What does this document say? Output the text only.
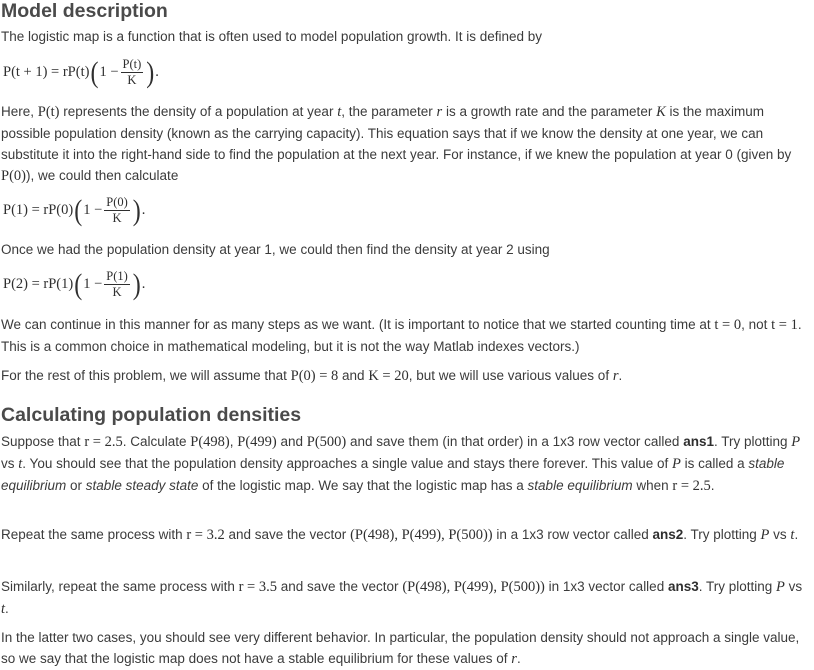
Model description

The logistic map is a function that is often used to model population growth. It is defined by

P(t + 1) = rP(t) ( $1 - \frac{P(t)}{K}$ ) .

Here, P(t) represents the density of a population at year t, the parameter r is a growth rate and the parameter K is the maximum possible population density (known as the carrying capacity). This equation says that if we know the density at one year, we can substitute it into the right-hand side to find the population at the next year. For instance, if we knew the population at year 0 (given by P(0)), we could then calculate

P(1) = rP(0) ( $1 - \frac{P(0)}{K}$ ) .

Once we had the population density at year 1, we could then find the density at year 2 using

P(2) = rP(1) ( $1 - \frac{P(1)}{K}$ ) .

We can continue in this manner for as many steps as we want. (It is important to notice that we started counting time at t = 0, not t = 1. This is a common choice in mathematical modeling, but it is not the way Matlab indexes vectors.)

For the rest of this problem, we will assume that P(0) = 8 and K = 20, but we will use various values of r.

Calculating population densities

Suppose that r = 2.5. Calculate P(498), P(499) and P(500) and save them (in that order) in a 1x3 row vector called ans1. Try plotting P vs t. You should see that the population density approaches a single value and stays there forever. This value of P is called a stable equilibrium or stable steady state of the logistic map. We say that the logistic map has a stable equilibrium when r = 2.5.

Repeat the same process with r = 3.2 and save the vector (P(498), P(499), P(500)) in a 1x3 row vector called ans2. Try plotting P vs t.

Similarly, repeat the same process with r = 3.5 and save the vector (P(498), P(499), P(500)) in 1x3 vector called ans3. Try plotting P vs t.

In the latter two cases, you should see very different behavior. In particular, the population density should not approach a single value, so we say that the logistic map does not have a stable equilibrium for these values of r.
